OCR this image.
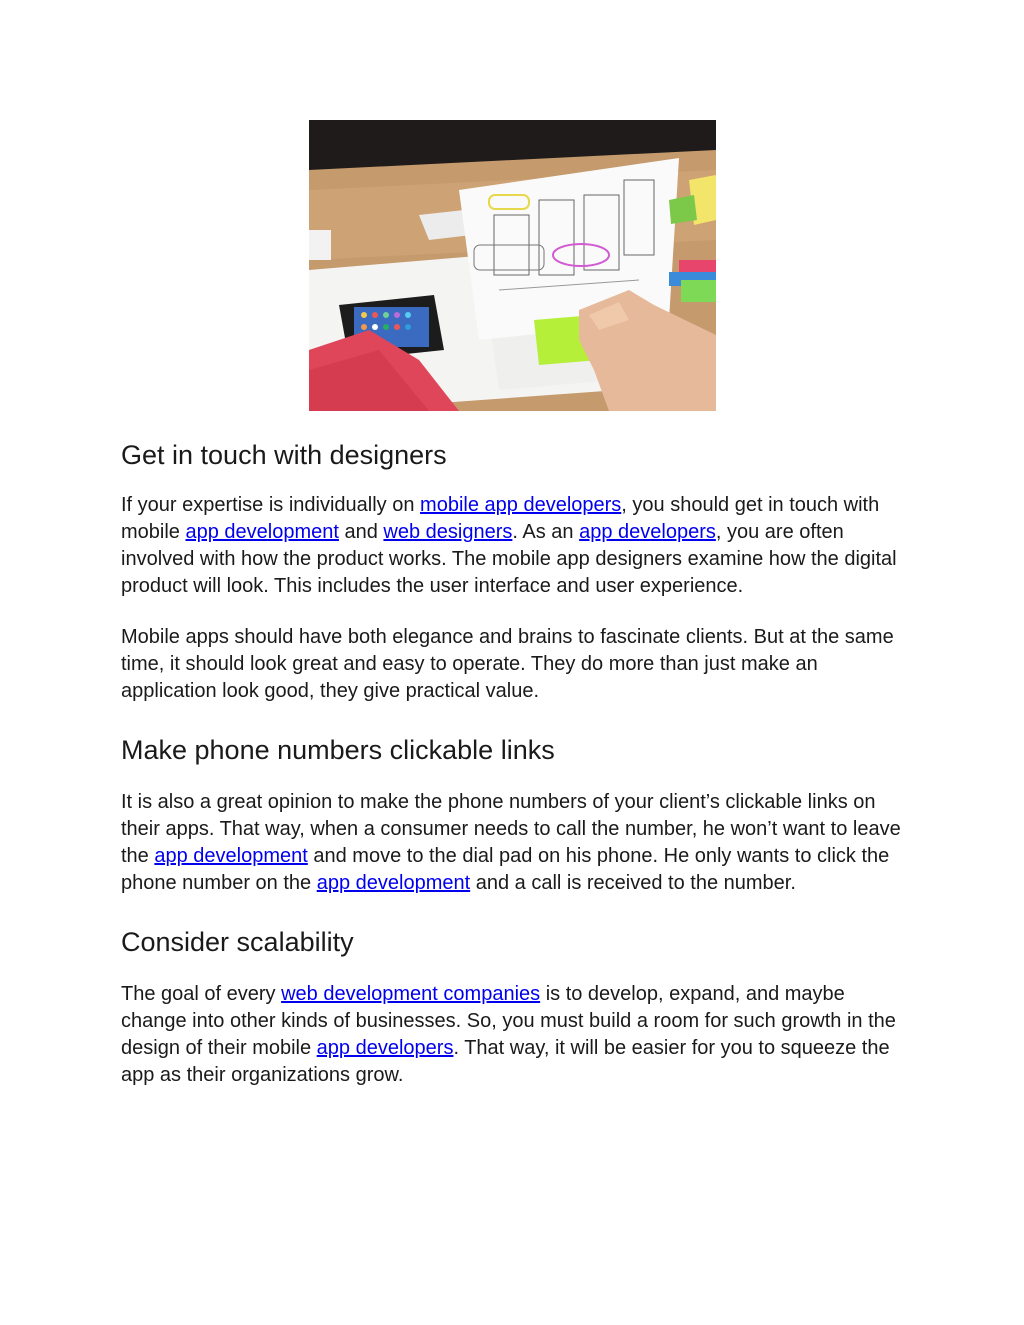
Get in touch with designers

If your expertise is individually on mobile app developers, you should get in touch with mobile app development and web designers. As an app developers, you are often involved with how the product works. The mobile app designers examine how the digital product will look. This includes the user interface and user experience.

Mobile apps should have both elegance and brains to fascinate clients. But at the same time, it should look great and easy to operate. They do more than just make an application look good, they give practical value.

Make phone numbers clickable links

It is also a great opinion to make the phone numbers of your client’s clickable links on their apps. That way, when a consumer needs to call the number, he won’t want to leave the app development and move to the dial pad on his phone. He only wants to click the phone number on the app development and a call is received to the number.

Consider scalability

The goal of every web development companies is to develop, expand, and maybe change into other kinds of businesses. So, you must build a room for such growth in the design of their mobile app developers. That way, it will be easier for you to squeeze the app as their organizations grow.
